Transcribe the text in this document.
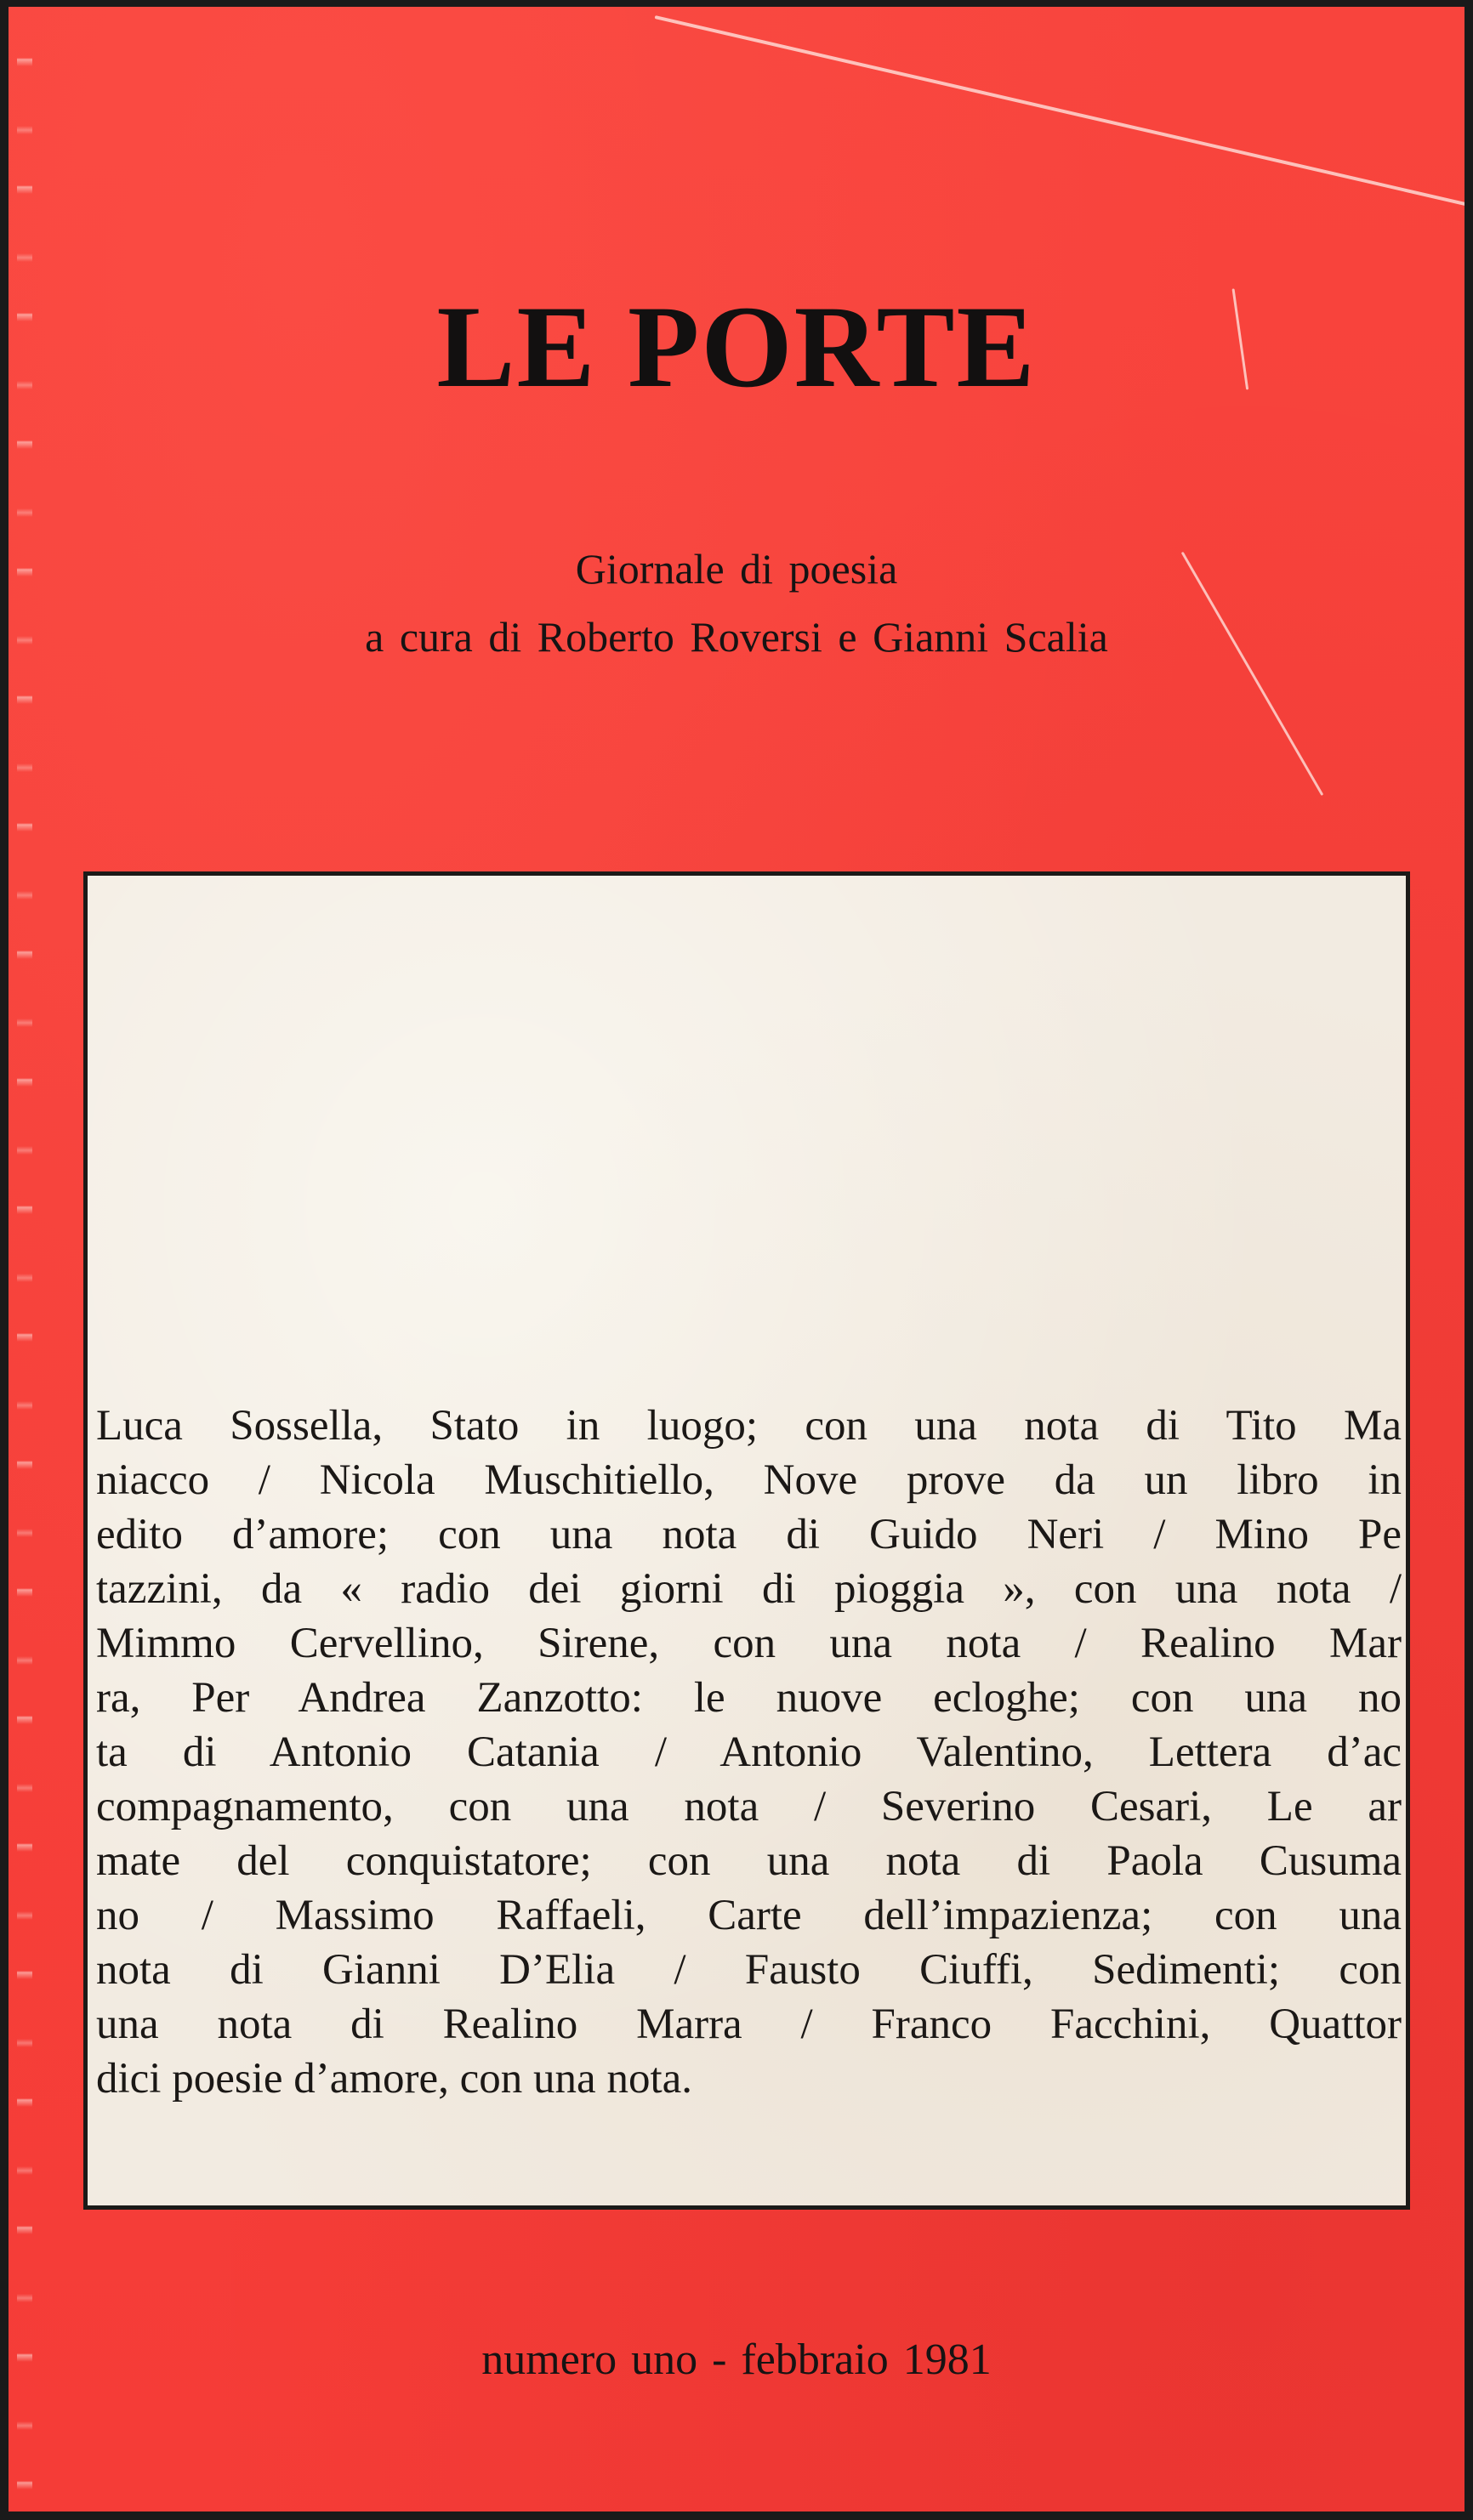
LE PORTE

Giornale di poesia

a cura di Roberto Roversi e Gianni Scalia

Luca Sossella, Stato in luogo; con una nota di Tito Ma
niacco / Nicola Muschitiello, Nove prove da un libro in
edito d’amore; con una nota di Guido Neri / Mino Pe
tazzini, da « radio dei giorni di pioggia », con una nota /
Mimmo Cervellino, Sirene, con una nota / Realino Mar
ra, Per Andrea Zanzotto: le nuove ecloghe; con una no
ta di Antonio Catania / Antonio Valentino, Lettera d’ac
compagnamento, con una nota / Severino Cesari, Le ar
mate del conquistatore; con una nota di Paola Cusuma
no / Massimo Raffaeli, Carte dell’impazienza; con una
nota di Gianni D’Elia / Fausto Ciuffi, Sedimenti; con
una nota di Realino Marra / Franco Facchini, Quattor
dici poesie d’amore, con una nota.

numero uno - febbraio 1981
